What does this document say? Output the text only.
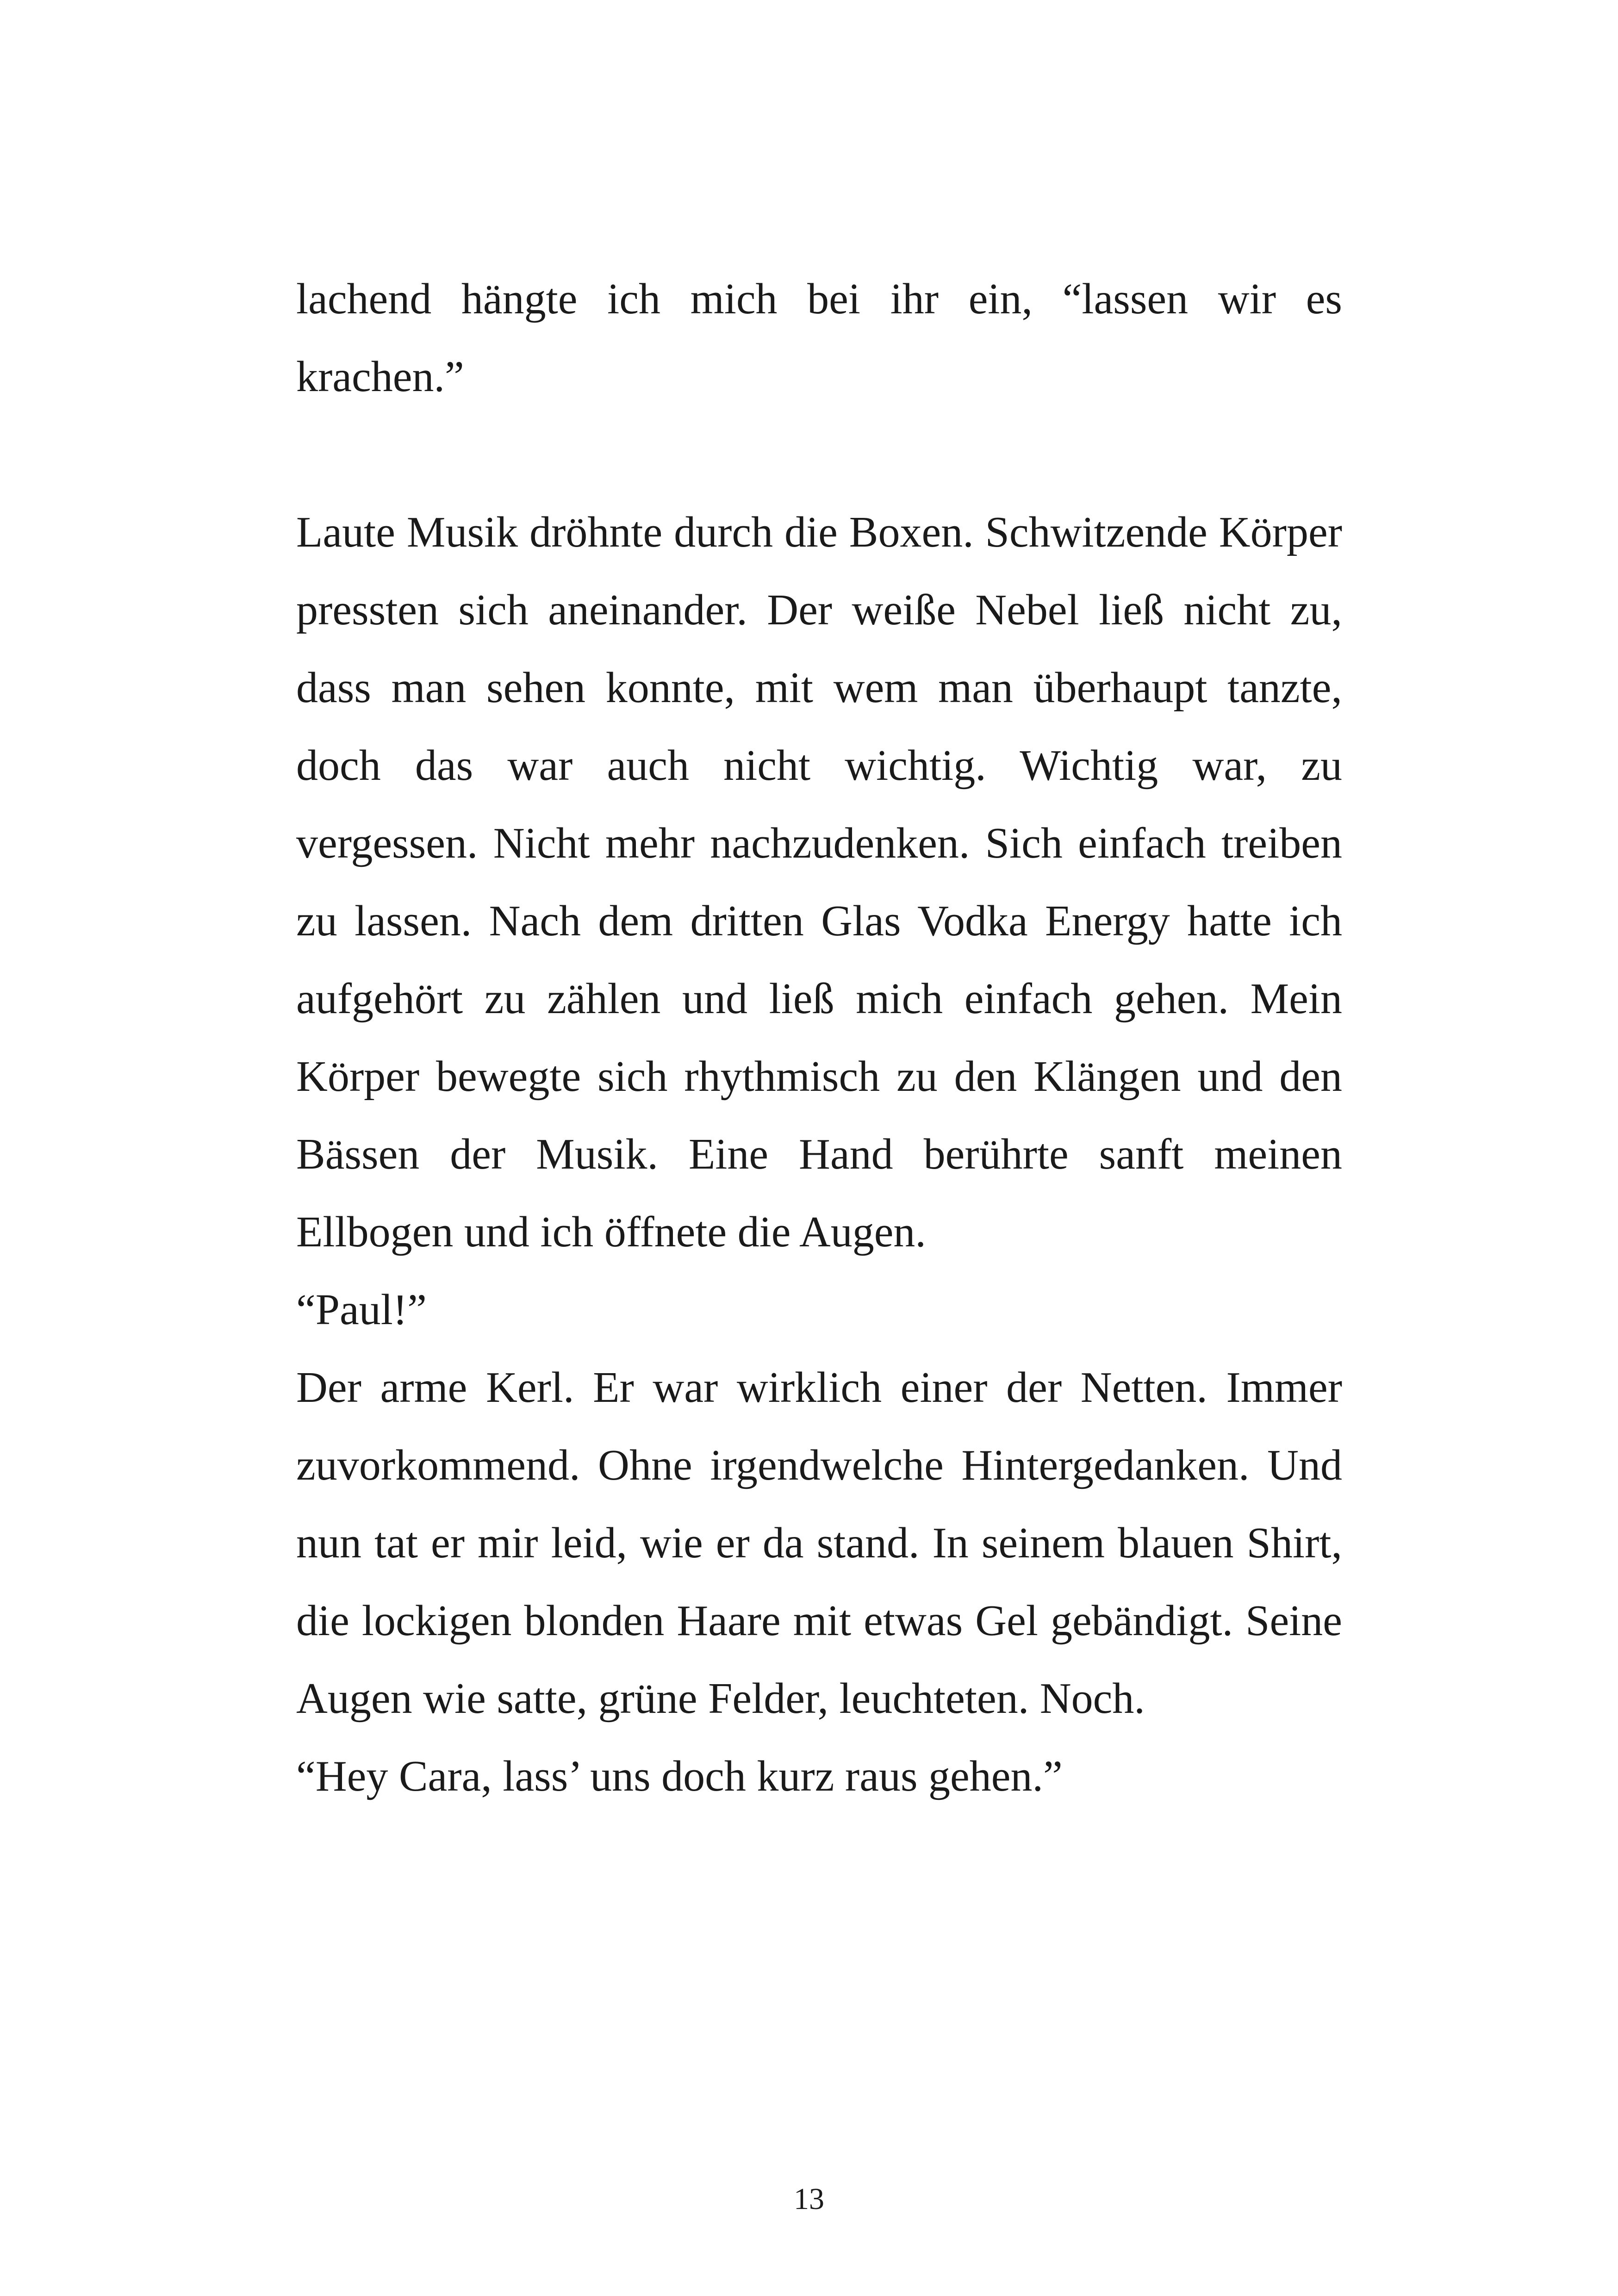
lachend hängte ich mich bei ihr ein, “lassen wir es krachen.”

Laute Musik dröhnte durch die Boxen. Schwitzende Körper pressten sich aneinander. Der weiße Nebel ließ nicht zu, dass man sehen konnte, mit wem man überhaupt tanzte, doch das war auch nicht wichtig. Wichtig war, zu vergessen. Nicht mehr nachzudenken. Sich einfach treiben zu lassen. Nach dem dritten Glas Vodka Energy hatte ich aufgehört zu zählen und ließ mich einfach gehen. Mein Körper bewegte sich rhythmisch zu den Klängen und den Bässen der Musik. Eine Hand berührte sanft meinen Ellbogen und ich öffnete die Augen.

“Paul!”

Der arme Kerl. Er war wirklich einer der Netten. Immer zuvorkommend. Ohne irgendwelche Hintergedanken. Und nun tat er mir leid, wie er da stand. In seinem blauen Shirt, die lockigen blonden Haare mit etwas Gel gebändigt. Seine Augen wie satte, grüne Felder, leuchteten. Noch.

“Hey Cara, lass’ uns doch kurz raus gehen.”

13
